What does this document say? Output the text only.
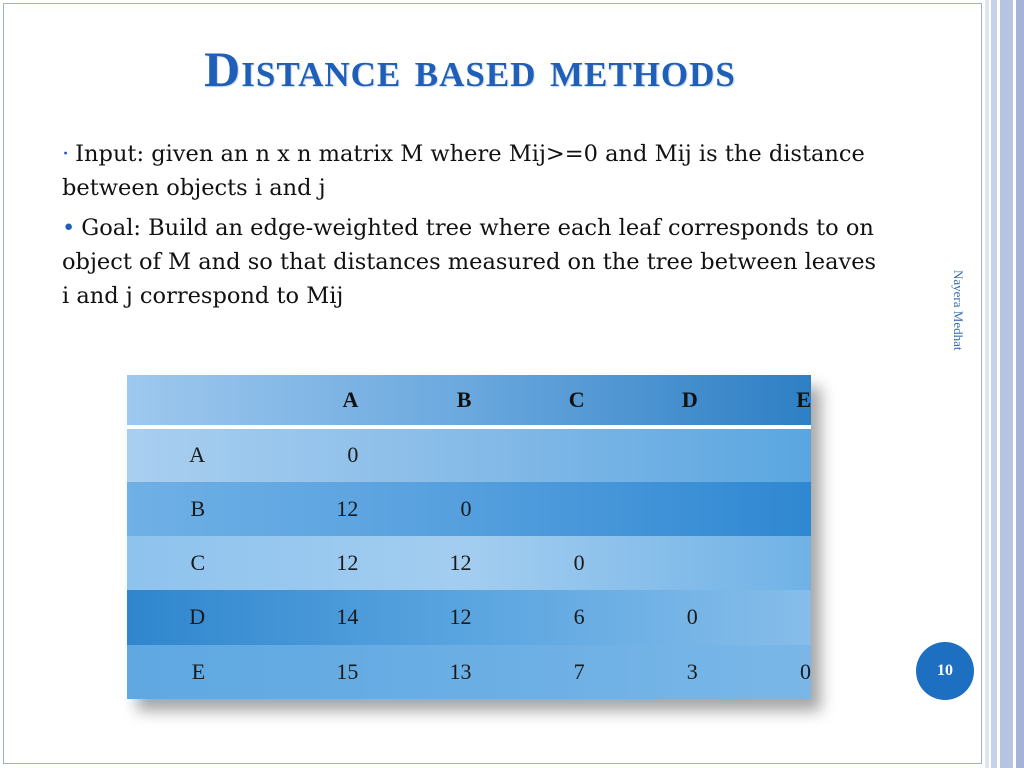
Distance based methods
· Input: given an n x n matrix M where Mij>=0 and Mij is the distance between objects i and j
• Goal: Build an edge-weighted tree where each leaf corresponds to on object of M and so that distances measured on the tree between leaves i and j correspond to Mij	Nayera Medhat
10
	A	B	C	D	E
A	0				
B	12	0			
C	12	12	0		
D	14	12	6	0	
E	15	13	7	3	0
